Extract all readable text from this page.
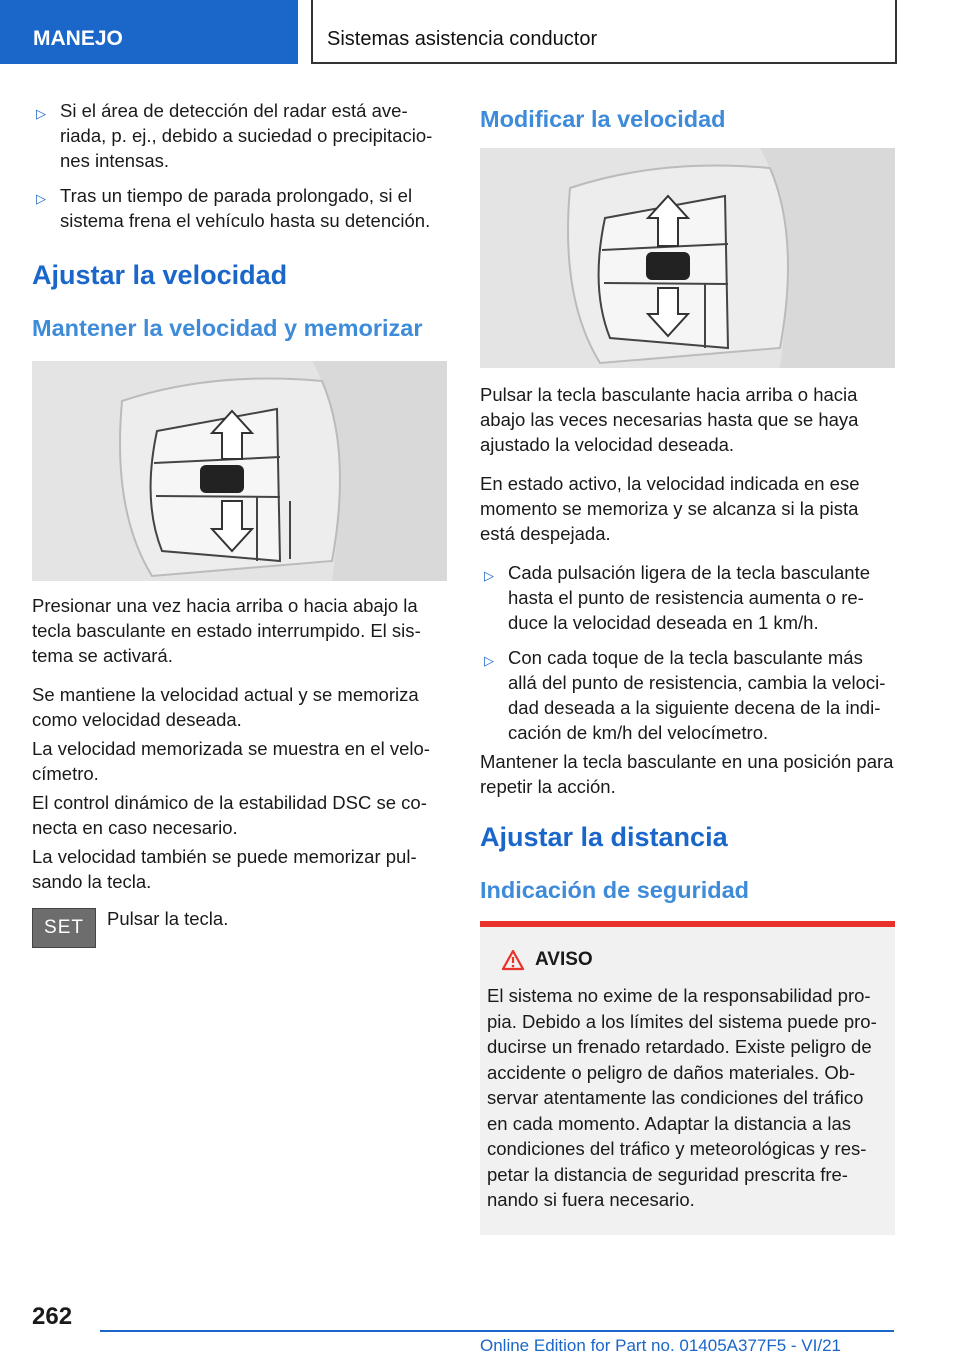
MANEJO	Sistemas asistencia conductor
▷ Si el área de detección del radar está averiada, p. ej., debido a suciedad o precipitaciones intensas.
▷ Tras un tiempo de parada prolongado, si el sistema frena el vehículo hasta su detención.
Ajustar la velocidad
Mantener la velocidad y memorizar

Presionar una vez hacia arriba o hacia abajo la tecla basculante en estado interrumpido. El sistema se activará.

Se mantiene la velocidad actual y se memoriza como velocidad deseada.

La velocidad memorizada se muestra en el velocímetro.

El control dinámico de la estabilidad DSC se conecta en caso necesario.

La velocidad también se puede memorizar pulsando la tecla.

SET	Pulsar la tecla.
Modificar la velocidad

Pulsar la tecla basculante hacia arriba o hacia abajo las veces necesarias hasta que se haya ajustado la velocidad deseada.

En estado activo, la velocidad indicada en ese momento se memoriza y se alcanza si la pista está despejada.

▷ Cada pulsación ligera de la tecla basculante hasta el punto de resistencia aumenta o reduce la velocidad deseada en 1 km/h.
▷ Con cada toque de la tecla basculante más allá del punto de resistencia, cambia la velocidad deseada a la siguiente decena de la indicación de km/h del velocímetro.

Mantener la tecla basculante en una posición para repetir la acción.

Ajustar la distancia
Indicación de seguridad
AVISO

El sistema no exime de la responsabilidad propia. Debido a los límites del sistema puede producirse un frenado retardado. Existe peligro de accidente o peligro de daños materiales. Observar atentamente las condiciones del tráfico en cada momento. Adaptar la distancia a las condiciones del tráfico y meteorológicas y respetar la distancia de seguridad prescrita frenando si fuera necesario.

262
Online Edition for Part no. 01405A377F5 - VI/21
